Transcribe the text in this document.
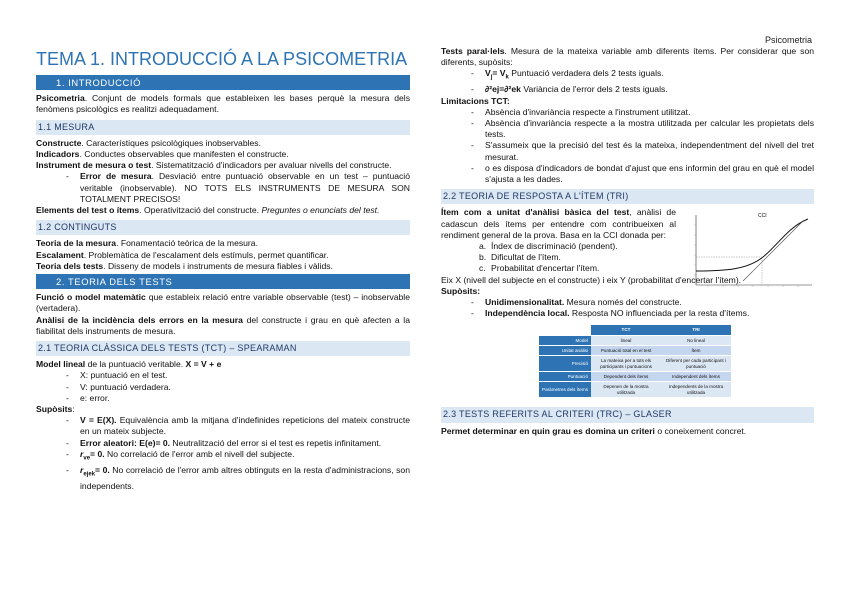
Psicometria
TEMA 1. INTRODUCCIÓ A LA PSICOMETRIA
1. INTRODUCCIÓ

Psicometria. Conjunt de models formals que estableixen les bases perquè la mesura dels fenòmens psicològics es realitzi adequadament.

1.1 MESURA

Constructe. Característiques psicològiques inobservables.

Indicadors. Conductes observables que manifesten el constructe.

Instrument de mesura o test. Sistematització d'indicadors per avaluar nivells del constructe.

- Error de mesura. Desviació entre puntuació observable en un test – puntuació veritable (inobservable). NO TOTS ELS INSTRUMENTS DE MESURA SON TOTALMENT PRECISOS!

Elements del test o ítems. Operativització del constructe. Preguntes o enunciats del test.

1.2 CONTINGUTS

Teoria de la mesura. Fonamentació teòrica de la mesura.

Escalament. Problemàtica de l'escalament dels estímuls, permet quantificar.

Teoria dels tests. Disseny de models i instruments de mesura fiables i vàlids.

2. TEORIA DELS TESTS

Funció o model matemàtic que estableix relació entre variable observable (test) – inobservable (vertadera).

Anàlisi de la incidència dels errors en la mesura del constructe i grau en què afecten a la fiabilitat dels instruments de mesura.

2.1 TEORIA CLÀSSICA DELS TESTS (TCT) – SPEARAMAN

Model lineal de la puntuació veritable. X = V + e

- X: puntuació en el test.
- V: puntuació verdadera.
- e: error.

Supòsits:

- V = E(X). Equivalència amb la mitjana d'indefinides repeticions del mateix constructe en un mateix subjecte.
- Error aleatori: E(e)= 0. Neutralització del error si el test es repetis infinitament.
- $r_{ve}= 0$. No correlació de l'error amb el nivell del subjecte.
- $r_{ejek}= 0$. No correlació de l'error amb altres obtinguts en la resta d'administracions, son independents.

Tests paral·lels. Mesura de la mateixa variable amb diferents ítems. Per considerar que son diferents, supòsits:

- $V_j= V_k$ Puntuació verdadera dels 2 tests iguals.
- ∂²ej=∂²ek Variància de l'error dels 2 tests iguals.

Limitacions TCT:

- Absència d'invariància respecte a l'instrument utilitzat.
- Absència d'invariància respecte a la mostra utilitzada per calcular les propietats dels tests.
- S'assumeix que la precisió del test és la mateixa, independentment del nivell del tret mesurat.
- o es disposa d'indicadors de bondat d'ajust que ens informin del grau en què el model s'ajusta a les dades.
2.2 TEORIA DE RESPOSTA A L'ÍTEM (TRI)

Ítem com a unitat d'anàlisi bàsica del test, anàlisi de cadascun dels ítems per entendre com contribueixen al rendiment general de la prova. Basa en la CCI donada per:

a. Índex de discriminació (pendent).
b. Dificultat de l'ítem.
c. Probabilitat d'encertar l'ítem.
CCI

Eix X (nivell del subjecte en el constructe) i eix Y (probabilitat d'encertar l'ítem).

Supòsits:

- Unidimensionalitat. Mesura només del constructe.
- Independència local. Resposta NO influenciada per la resta d'ítems.
	TCT	TRI
Model	lineal	No lineal
Unitat anàlisi	Puntuació total en el test	Ítem
Precisió	La mateixa per a tots els participants i puntuacions	Diferent per cada participant i puntuació
Puntuació	Dependent dels ítems	Independent dels ítems
Paràmetres dels ítems	Depenen de la mostra utilitzada	Independents de la mostra utilitzada
2.3 TESTS REFERITS AL CRITERI (TRC) – GLASER

Permet determinar en quin grau es domina un criteri o coneixement concret.
